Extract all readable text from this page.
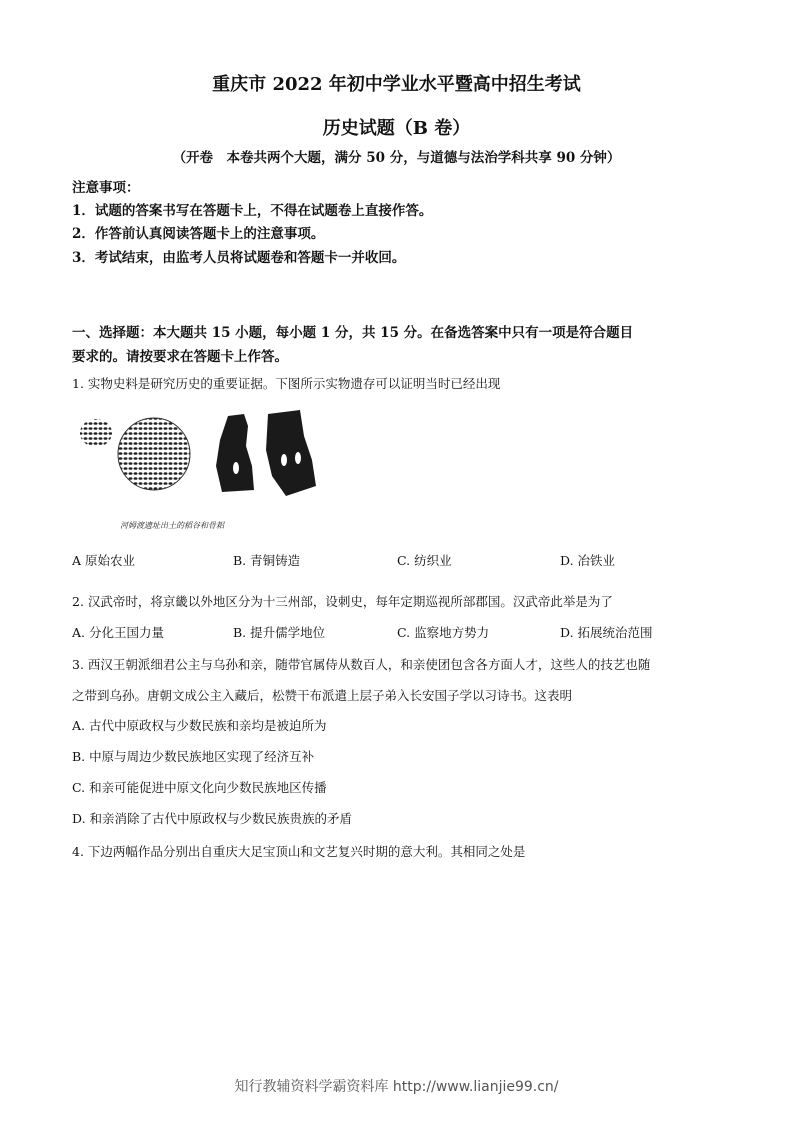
重庆市 2022 年初中学业水平暨高中招生考试
历史试题（B 卷）
（开卷　本卷共两个大题，满分 50 分，与道德与法治学科共享 90 分钟）
注意事项：
1．试题的答案书写在答题卡上，不得在试题卷上直接作答。
2．作答前认真阅读答题卡上的注意事项。
3．考试结束，由监考人员将试题卷和答题卡一并收回。
一、选择题：本大题共 15 小题，每小题 1 分，共 15 分。在备选答案中只有一项是符合题目
要求的。请按要求在答题卡上作答。
1. 实物史料是研究历史的重要证据。下图所示实物遗存可以证明当时已经出现
河姆渡遗址出土的稻谷和骨耜
A 原始农业	B. 青铜铸造	C. 纺织业	D. 冶铁业
2. 汉武帝时，将京畿以外地区分为十三州部，设刺史，每年定期巡视所部郡国。汉武帝此举是为了
A. 分化王国力量	B. 提升儒学地位	C. 监察地方势力	D. 拓展统治范围
3. 西汉王朝派细君公主与乌孙和亲，随带官属侍从数百人，和亲使团包含各方面人才，这些人的技艺也随
之带到乌孙。唐朝文成公主入藏后，松赞干布派遣上层子弟入长安国子学以习诗书。这表明
A. 古代中原政权与少数民族和亲均是被迫所为
B. 中原与周边少数民族地区实现了经济互补
C. 和亲可能促进中原文化向少数民族地区传播
D. 和亲消除了古代中原政权与少数民族贵族的矛盾
4. 下边两幅作品分别出自重庆大足宝顶山和文艺复兴时期的意大利。其相同之处是
知行教辅资料学霸资料库 http://www.lianjie99.cn/
